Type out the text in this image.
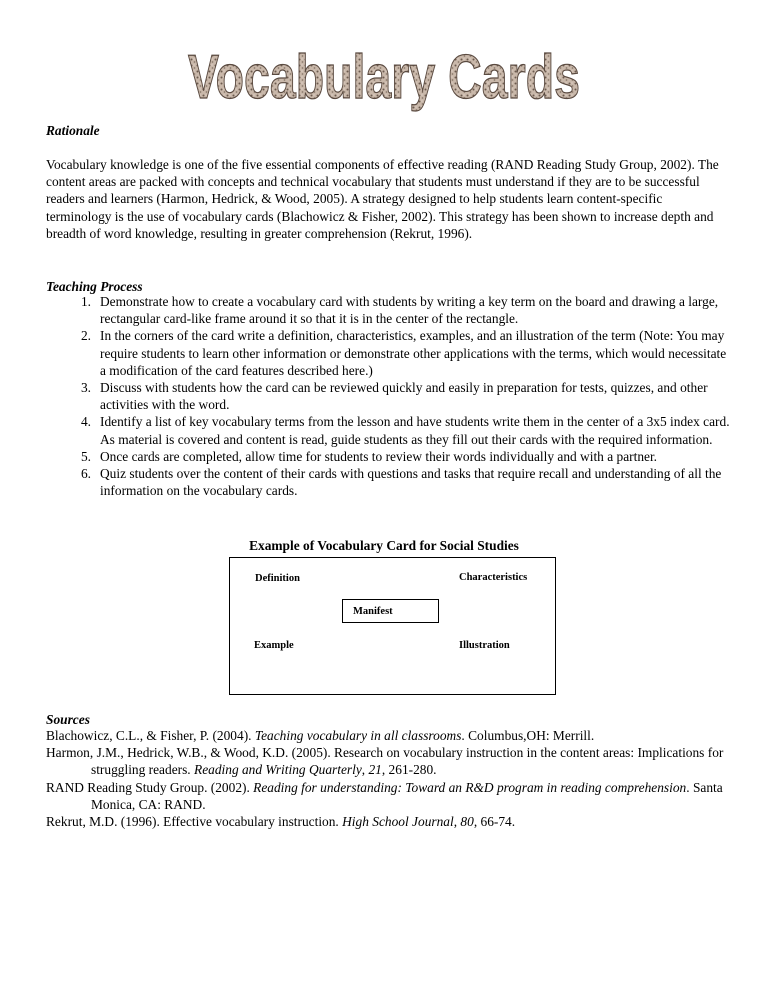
Vocabulary Cards
Rationale
Vocabulary knowledge is one of the five essential components of effective reading (RAND Reading Study Group, 2002). The content areas are packed with concepts and technical vocabulary that students must understand if they are to be successful readers and learners (Harmon, Hedrick, & Wood, 2005). A strategy designed to help students learn content-specific terminology is the use of vocabulary cards (Blachowicz & Fisher, 2002). This strategy has been shown to increase depth and breadth of word knowledge, resulting in greater comprehension (Rekrut, 1996).
Teaching Process
1. Demonstrate how to create a vocabulary card with students by writing a key term on the board and drawing a large, rectangular card-like frame around it so that it is in the center of the rectangle.
2. In the corners of the card write a definition, characteristics, examples, and an illustration of the term (Note: You may require students to learn other information or demonstrate other applications with the terms, which would necessitate a modification of the card features described here.)
3. Discuss with students how the card can be reviewed quickly and easily in preparation for tests, quizzes, and other activities with the word.
4. Identify a list of key vocabulary terms from the lesson and have students write them in the center of a 3x5 index card. As material is covered and content is read, guide students as they fill out their cards with the required information.
5. Once cards are completed, allow time for students to review their words individually and with a partner.
6. Quiz students over the content of their cards with questions and tasks that require recall and understanding of all the information on the vocabulary cards.
Example of Vocabulary Card for Social Studies
Definition	Characteristics
Manifest
Example	Illustration
Sources
Blachowicz, C.L., & Fisher, P. (2004). Teaching vocabulary in all classrooms. Columbus,OH: Merrill.
Harmon, J.M., Hedrick, W.B., & Wood, K.D. (2005). Research on vocabulary instruction in the content areas: Implications for struggling readers. Reading and Writing Quarterly, 21, 261-280.
RAND Reading Study Group. (2002). Reading for understanding: Toward an R&D program in reading comprehension. Santa Monica, CA: RAND.
Rekrut, M.D. (1996). Effective vocabulary instruction. High School Journal, 80, 66-74.
